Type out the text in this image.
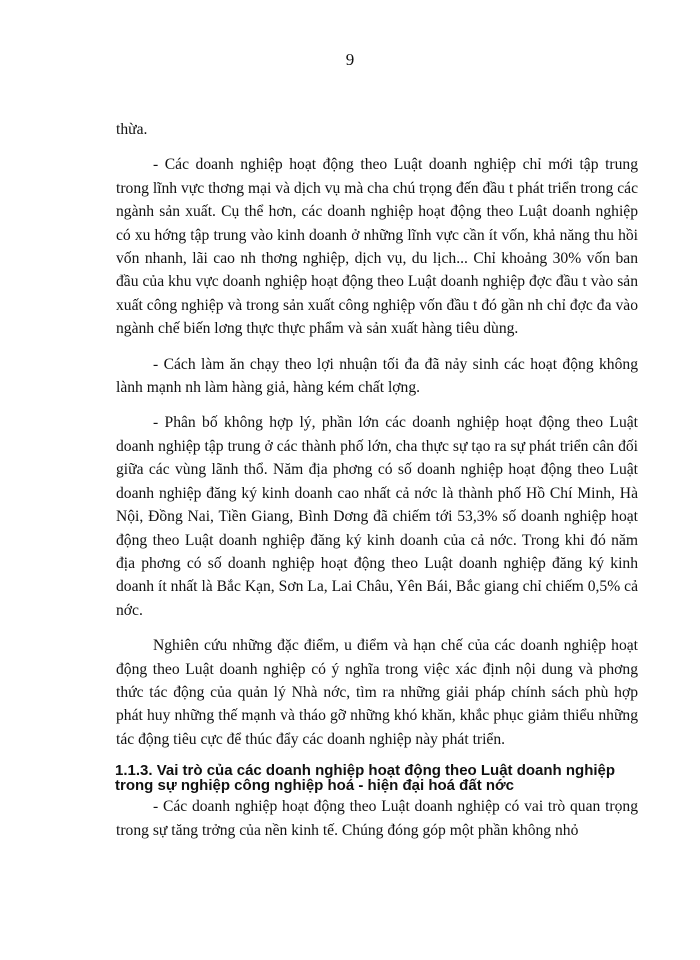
9

thừa.

- Các doanh nghiệp hoạt động theo Luật doanh nghiệp chỉ mới tập trung trong lĩnh vực thơng mại và dịch vụ mà cha chú trọng đến đầu t phát triển trong các ngành sản xuất. Cụ thể hơn, các doanh nghiệp hoạt động theo Luật doanh nghiệp có xu hớng tập trung vào kinh doanh ở những lĩnh vực cần ít vốn, khả năng thu hồi vốn nhanh, lãi cao nh thơng nghiệp, dịch vụ, du lịch... Chỉ khoảng 30% vốn ban đầu của khu vực doanh nghiệp hoạt động theo Luật doanh nghiệp đợc đầu t vào sản xuất công nghiệp và trong sản xuất công nghiệp vốn đầu t đó gần nh chỉ đợc đa vào ngành chế biến lơng thực thực phẩm và sản xuất hàng tiêu dùng.

- Cách làm ăn chạy theo lợi nhuận tối đa đã nảy sinh các hoạt động không lành mạnh nh làm hàng giả, hàng kém chất lợng.

- Phân bố không hợp lý, phần lớn các doanh nghiệp hoạt động theo Luật doanh nghiệp tập trung ở các thành phố lớn, cha thực sự tạo ra sự phát triển cân đối giữa các vùng lãnh thổ. Năm địa phơng có số doanh nghiệp hoạt động theo Luật doanh nghiệp đăng ký kinh doanh cao nhất cả nớc là thành phố Hồ Chí Minh, Hà Nội, Đồng Nai, Tiền Giang, Bình Dơng đã chiếm tới 53,3% số doanh nghiệp hoạt động theo Luật doanh nghiệp đăng ký kinh doanh của cả nớc. Trong khi đó năm địa phơng có số doanh nghiệp hoạt động theo Luật doanh nghiệp đăng ký kinh doanh ít nhất là Bắc Kạn, Sơn La, Lai Châu, Yên Bái, Bắc giang chỉ chiếm 0,5% cả nớc.

Nghiên cứu những đặc điểm, u điểm và hạn chế của các doanh nghiệp hoạt động theo Luật doanh nghiệp có ý nghĩa trong việc xác định nội dung và phơng thức tác động của quản lý Nhà nớc, tìm ra những giải pháp chính sách phù hợp phát huy những thế mạnh và tháo gỡ những khó khăn, khắc phục giảm thiểu những tác động tiêu cực để thúc đẩy các doanh nghiệp này phát triển.

1.1.3. Vai trò của các doanh nghiệp hoạt động theo Luật doanh nghiệp trong sự nghiệp công nghiệp hoá - hiện đại hoá đất nớc

- Các doanh nghiệp hoạt động theo Luật doanh nghiệp có vai trò quan trọng trong sự tăng trởng của nền kinh tế. Chúng đóng góp một phần không nhỏ
